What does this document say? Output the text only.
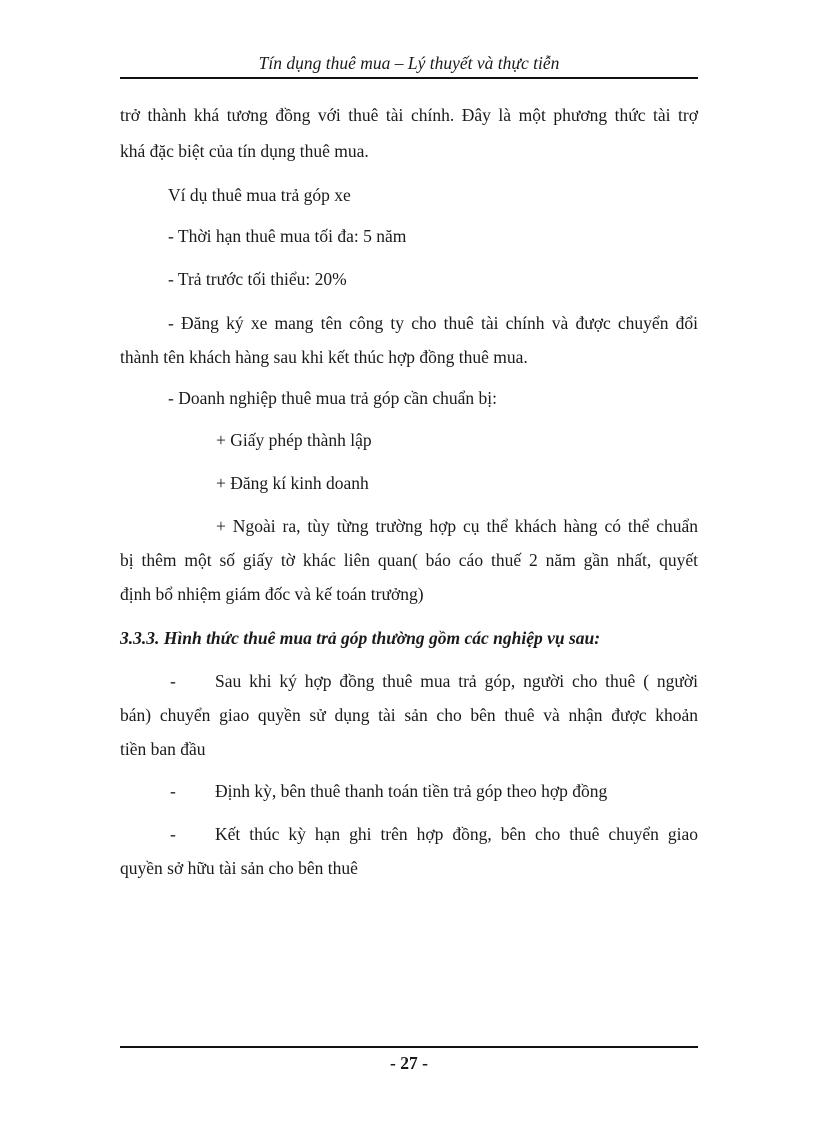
Tín dụng thuê mua – Lý thuyết và thực tiễn
trở thành khá tương đồng với thuê tài chính. Đây là một phương thức tài trợ
khá đặc biệt của tín dụng thuê mua.
Ví dụ thuê mua trả góp xe
- Thời hạn thuê mua tối đa: 5 năm
- Trả trước tối thiểu: 20%
- Đăng ký xe mang tên công ty cho thuê tài chính và được chuyển đổi
thành tên khách hàng sau khi kết thúc hợp đồng thuê mua.
- Doanh nghiệp thuê mua trả góp cần chuẩn bị:
+ Giấy phép thành lập
+ Đăng kí kinh doanh
+ Ngoài ra, tùy từng trường hợp cụ thể khách hàng có thể chuẩn
bị thêm một số giấy tờ khác liên quan( báo cáo thuế 2 năm gần nhất, quyết
định bổ nhiệm giám đốc và kế toán trưởng)
3.3.3. Hình thức thuê mua trả góp thường gồm các nghiệp vụ sau:
- Sau khi ký hợp đồng thuê mua trả góp, người cho thuê ( người
bán) chuyển giao quyền sử dụng tài sản cho bên thuê và nhận được khoản
tiền ban đầu
- Định kỳ, bên thuê thanh toán tiền trả góp theo hợp đồng
- Kết thúc kỳ hạn ghi trên hợp đồng, bên cho thuê chuyển giao
quyền sở hữu tài sản cho bên thuê
- 27 -
